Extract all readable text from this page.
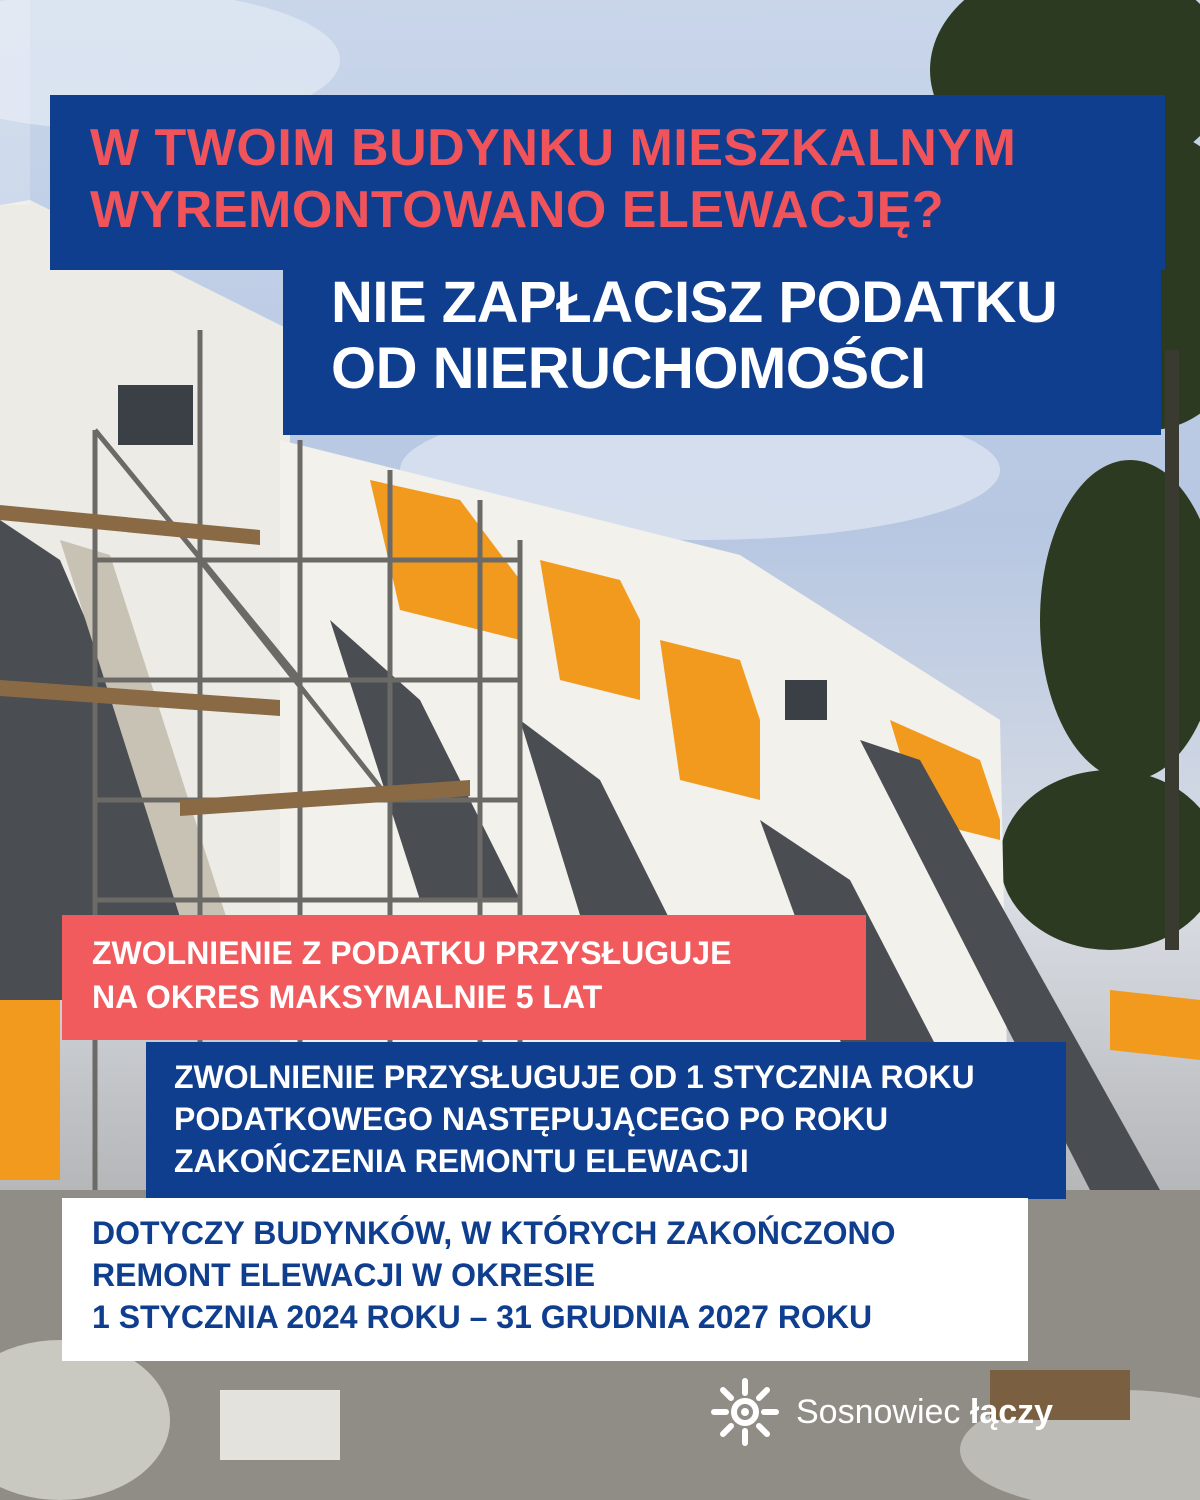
W TWOIM BUDYNKU MIESZKALNYM
WYREMONTOWANO ELEWACJĘ?
NIE ZAPŁACISZ PODATKU
OD NIERUCHOMOŚCI
ZWOLNIENIE Z PODATKU PRZYSŁUGUJE
NA OKRES MAKSYMALNIE 5 LAT
ZWOLNIENIE PRZYSŁUGUJE OD 1 STYCZNIA ROKU
PODATKOWEGO NASTĘPUJĄCEGO PO ROKU
ZAKOŃCZENIA REMONTU ELEWACJI
DOTYCZY BUDYNKÓW, W KTÓRYCH ZAKOŃCZONO
REMONT ELEWACJI W OKRESIE
1 STYCZNIA 2024 ROKU – 31 GRUDNIA 2027 ROKU
Sosnowiec łączy
